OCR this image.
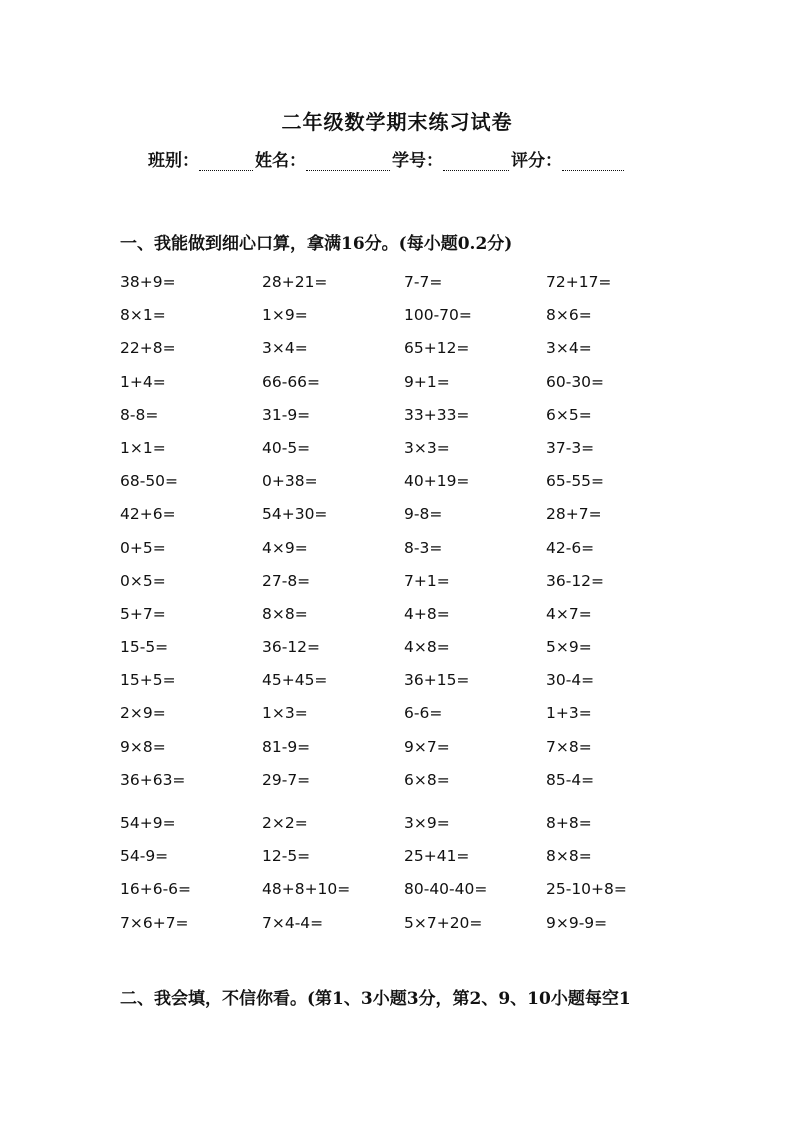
二年级数学期末练习试卷
班别：	姓名：	学号：	评分：
一、我能做到细心口算，拿满16分。(每小题0.2分)
38+9=	28+21=	7-7=	72+17=
8×1=	1×9=	100-70=	8×6=
22+8=	3×4=	65+12=	3×4=
1+4=	66-66=	9+1=	60-30=
8-8=	31-9=	33+33=	6×5=
1×1=	40-5=	3×3=	37-3=
68-50=	0+38=	40+19=	65-55=
42+6=	54+30=	9-8=	28+7=
0+5=	4×9=	8-3=	42-6=
0×5=	27-8=	7+1=	36-12=
5+7=	8×8=	4+8=	4×7=
15-5=	36-12=	4×8=	5×9=
15+5=	45+45=	36+15=	30-4=
2×9=	1×3=	6-6=	1+3=
9×8=	81-9=	9×7=	7×8=
36+63=	29-7=	6×8=	85-4=
54+9=	2×2=	3×9=	8+8=
54-9=	12-5=	25+41=	8×8=
16+6-6=	48+8+10=	80-40-40=	25-10+8=
7×6+7=	7×4-4=	5×7+20=	9×9-9=
二、我会填，不信你看。(第1、3小题3分，第2、9、10小题每空1
